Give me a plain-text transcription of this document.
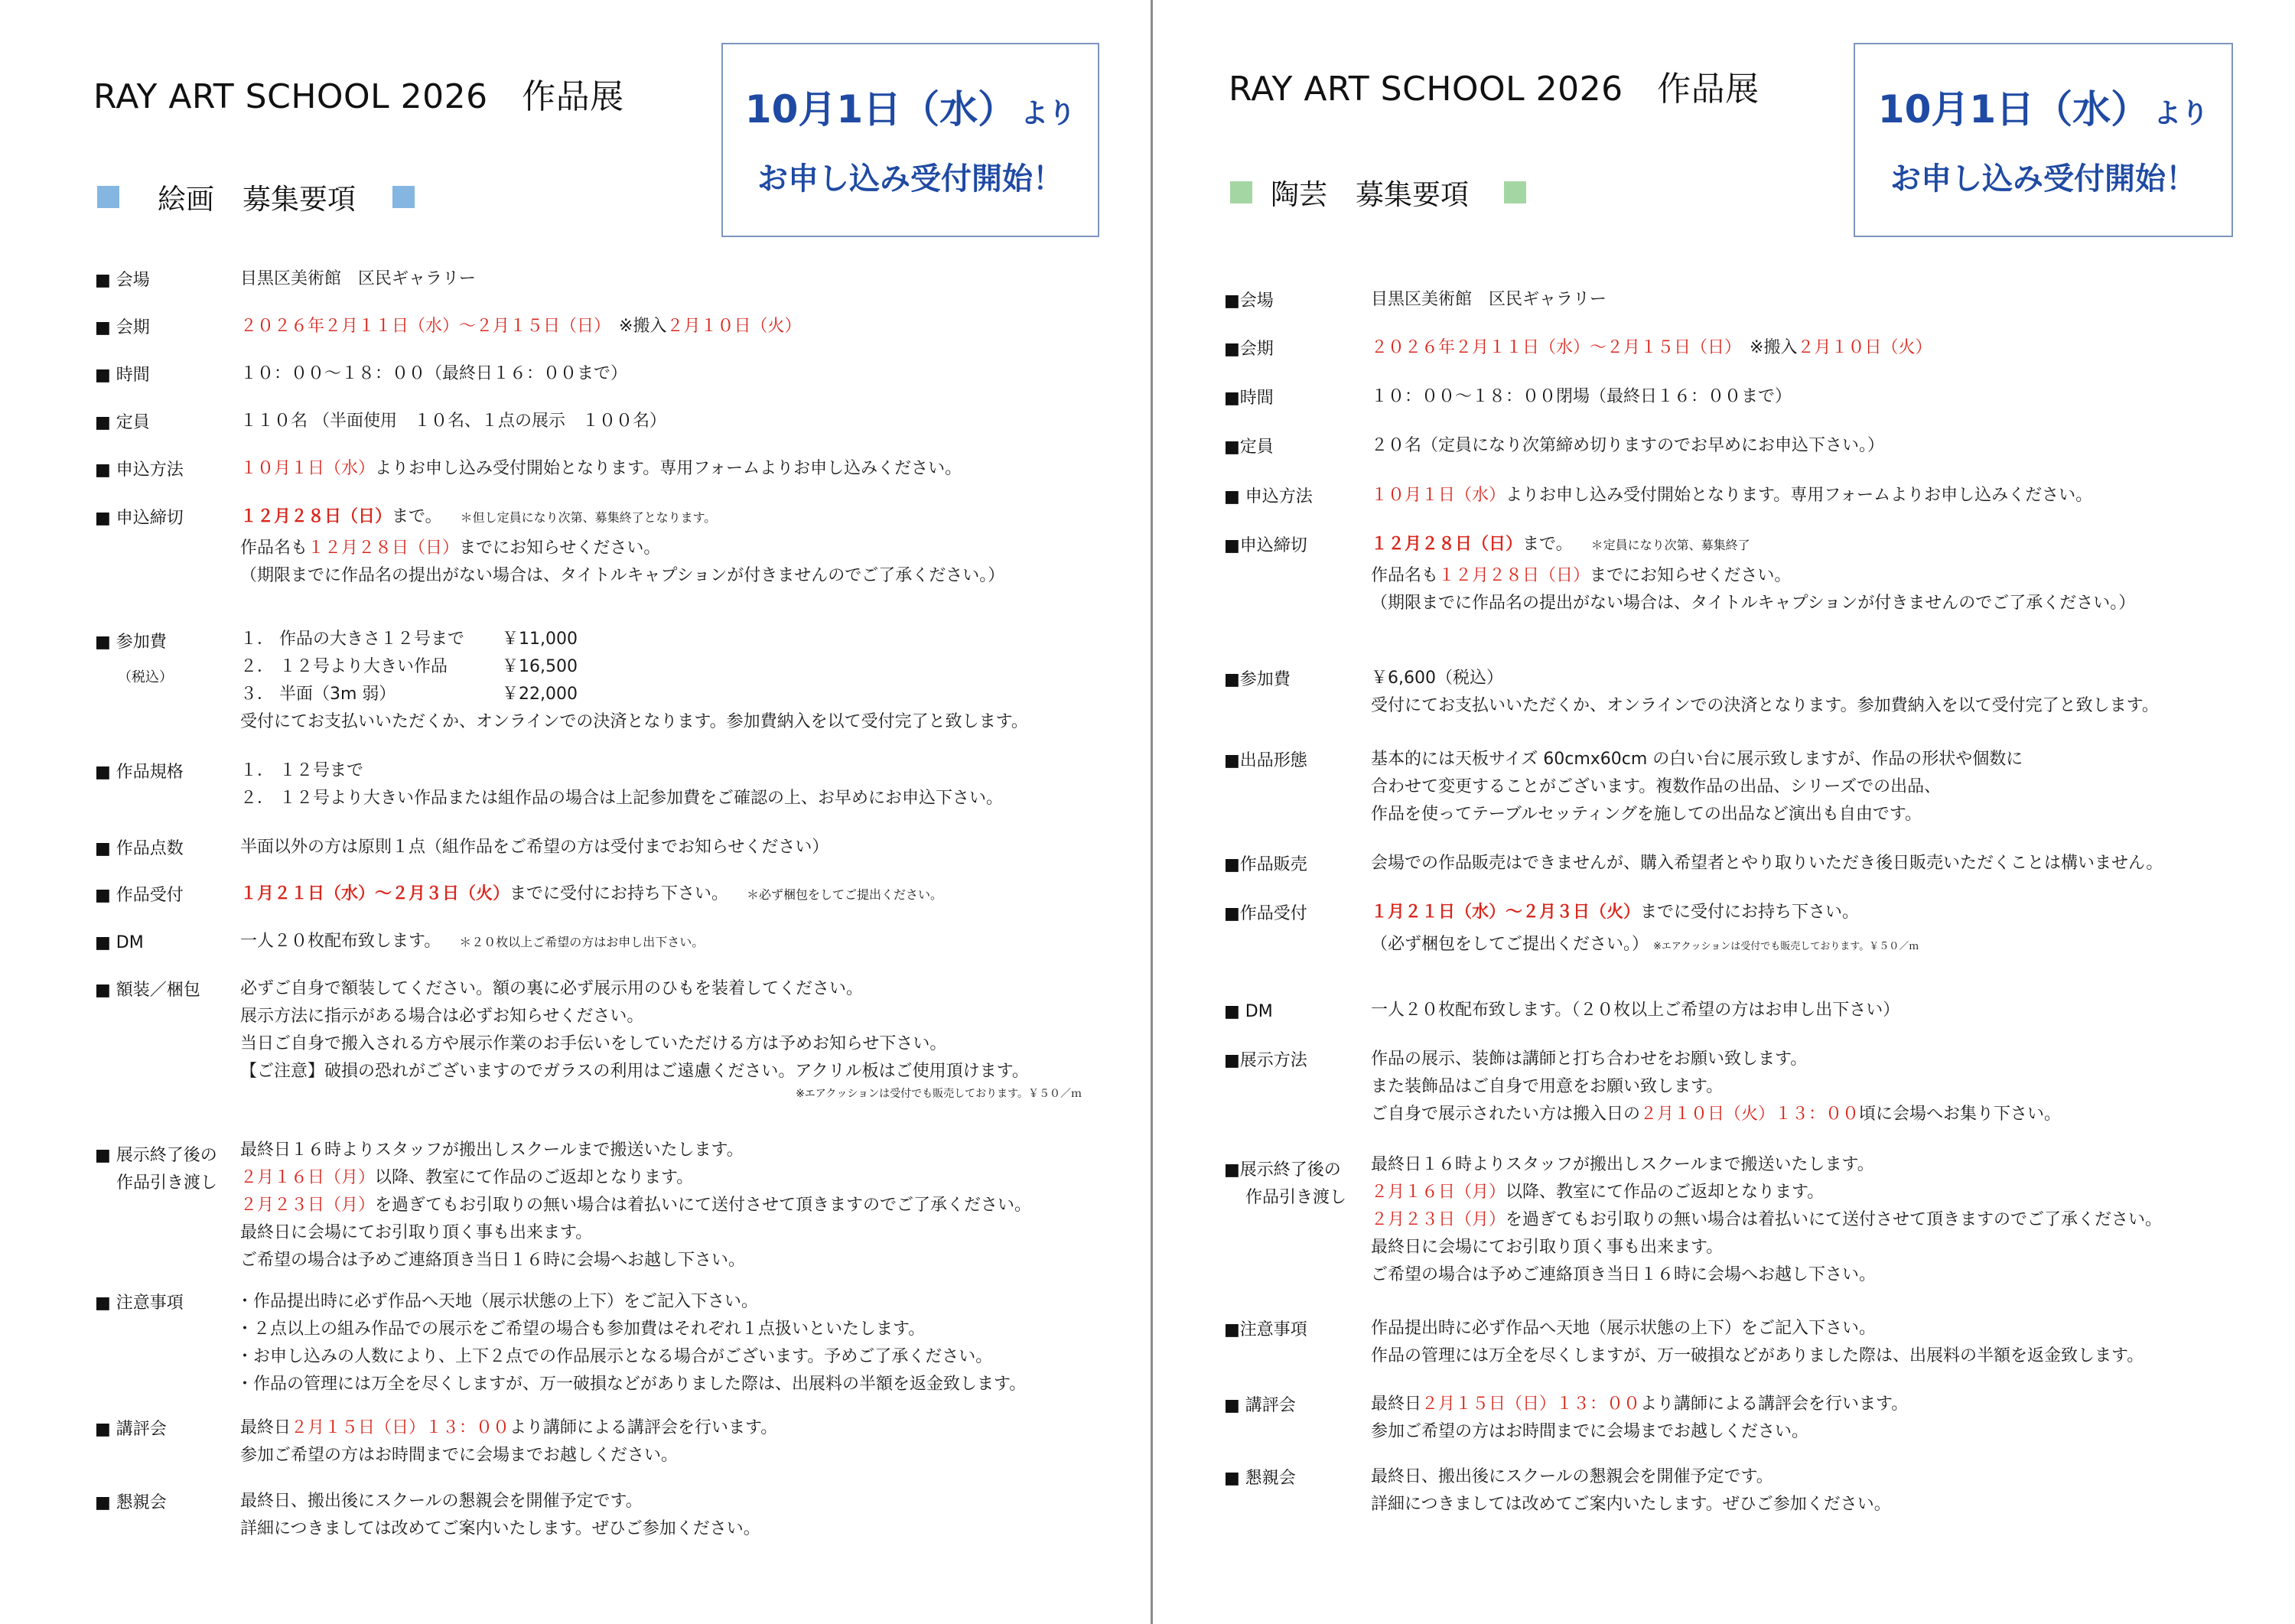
RAY ART SCHOOL 2026　作品展	10月1日（水） より
お申し込み受付開始！
絵画　募集要項
■ 会場	目黒区美術館　区民ギャラリー
■ 会期	２０２６年２月１１日（水）〜２月１５日（日）　 ※搬入２月１０日（火）
■ 時間	１０：００〜１８：００（最終日１６：００まで）
■ 定員	１１０名 （半面使用　１０名、１点の展示　１００名）
■ 申込方法	１０月１日（水）よりお申し込み受付開始となります。専用フォームよりお申し込みください。
■ 申込締切	１２月２８日（日）まで。 ＊但し定員になり次第、募集終了となります。
作品名も１２月２８日（日）までにお知らせください。
（期限までに作品名の提出がない場合は、タイトルキャプションが付きませんのでご了承ください。）
■ 参加費
（税込）
１． 作品の大きさ１２号まで ￥11,000
２． １２号より大きい作品	￥16,500
３． 半面（3m 弱）	￥22,000
受付にてお支払いいただくか、オンラインでの決済となります。参加費納入を以て受付完了と致します。
■ 作品規格	１． １２号まで
２． １２号より大きい作品または組作品の場合は上記参加費をご確認の上、お早めにお申込下さい。
■ 作品点数	半面以外の方は原則１点（組作品をご希望の方は受付までお知らせください）
■ 作品受付	１月２１日（水）〜２月３日（火）までに受付にお持ち下さい。 ＊必ず梱包をしてご提出ください。
■ DM	一人２０枚配布致します。 ＊２０枚以上ご希望の方はお申し出下さい。
■ 額装／梱包 必ずご自身で額装してください。額の裏に必ず展示用のひもを装着してください。
展示方法に指示がある場合は必ずお知らせください。
当日ご自身で搬入される方や展示作業のお手伝いをしていただける方は予めお知らせ下さい。
【ご注意】破損の恐れがございますのでガラスの利用はご遠慮ください。アクリル板はご使用頂けます。
※エアクッションは受付でも販売しております。￥５０／ｍ
■ 展示終了後の
作品引き渡し
最終日１６時よりスタッフが搬出しスクールまで搬送いたします。
２月１６日（月）以降、教室にて作品のご返却となります。
２月２３日（月）を過ぎてもお引取りの無い場合は着払いにて送付させて頂きますのでご了承ください。
最終日に会場にてお引取り頂く事も出来ます。
ご希望の場合は予めご連絡頂き当日１６時に会場へお越し下さい。
■ 注意事項	・作品提出時に必ず作品へ天地（展示状態の上下）をご記入下さい。
・２点以上の組み作品での展示をご希望の場合も参加費はそれぞれ１点扱いといたします。
・お申し込みの人数により、上下２点での作品展示となる場合がございます。予めご了承ください。
・作品の管理には万全を尽くしますが、万一破損などがありました際は、出展料の半額を返金致します。
■ 講評会	最終日２月１５日（日）１３：００より講師による講評会を行います。
参加ご希望の方はお時間までに会場までお越しください。
■ 懇親会	最終日、搬出後にスクールの懇親会を開催予定です。
詳細につきましては改めてご案内いたします。ぜひご参加ください。
RAY ART SCHOOL 2026　作品展	10月1日（水） より
お申し込み受付開始！
陶芸　募集要項
■会場	目黒区美術館　区民ギャラリー
■会期	２０２６年２月１１日（水）〜２月１５日（日）　 ※搬入２月１０日（火）
■時間	１０：００〜１８：００閉場（最終日１６：００まで）
■定員	２０名（定員になり次第締め切りますのでお早めにお申込下さい。）
■ 申込方法	１０月１日（水）よりお申し込み受付開始となります。専用フォームよりお申し込みください。
■申込締切	１２月２８日（日）まで。 ＊定員になり次第、募集終了
作品名も１２月２８日（日）までにお知らせください。
（期限までに作品名の提出がない場合は、タイトルキャプションが付きませんのでご了承ください。）
■参加費	￥6,600（税込）
受付にてお支払いいただくか、オンラインでの決済となります。参加費納入を以て受付完了と致します。
■出品形態	基本的には天板サイズ 60cmx60cm の白い台に展示致しますが、作品の形状や個数に
合わせて変更することがございます。複数作品の出品、シリーズでの出品、
作品を使ってテーブルセッティングを施しての出品など演出も自由です。
■作品販売	会場での作品販売はできませんが、購入希望者とやり取りいただき後日販売いただくことは構いません。
■作品受付	１月２１日（水）〜２月３日（火）までに受付にお持ち下さい。
（必ず梱包をしてご提出ください。） ※エアクッションは受付でも販売しております。￥５０／ｍ
■ DM	一人２０枚配布致します。（２０枚以上ご希望の方はお申し出下さい）
■展示方法	作品の展示、装飾は講師と打ち合わせをお願い致します。
また装飾品はご自身で用意をお願い致します。
ご自身で展示されたい方は搬入日の２月１０日（火）１３：００頃に会場へお集り下さい。
■展示終了後の
作品引き渡し
最終日１６時よりスタッフが搬出しスクールまで搬送いたします。
２月１６日（月）以降、教室にて作品のご返却となります。
２月２３日（月）を過ぎてもお引取りの無い場合は着払いにて送付させて頂きますのでご了承ください。
最終日に会場にてお引取り頂く事も出来ます。
ご希望の場合は予めご連絡頂き当日１６時に会場へお越し下さい。
■注意事項	作品提出時に必ず作品へ天地（展示状態の上下）をご記入下さい。
作品の管理には万全を尽くしますが、万一破損などがありました際は、出展料の半額を返金致します。
■ 講評会	最終日２月１５日（日）１３：００より講師による講評会を行います。
参加ご希望の方はお時間までに会場までお越しください。
■ 懇親会	最終日、搬出後にスクールの懇親会を開催予定です。
詳細につきましては改めてご案内いたします。ぜひご参加ください。
